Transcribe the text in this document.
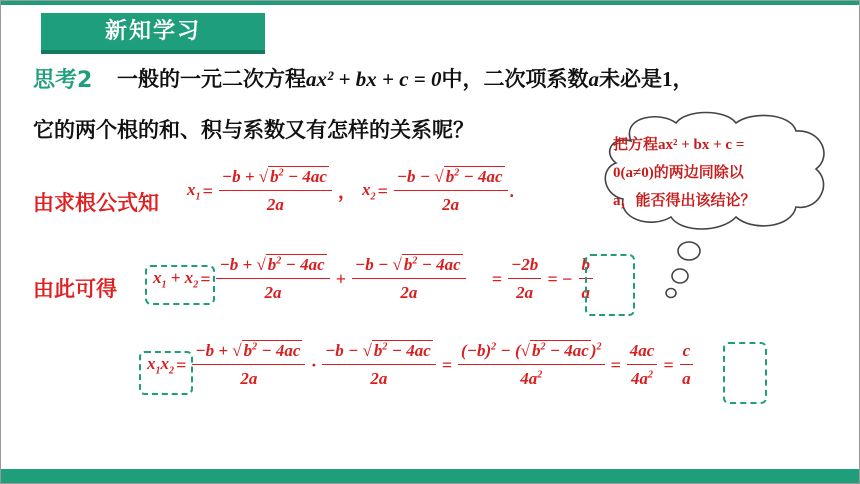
新知学习
思考2 一般的一元二次方程ax² + bx + c = 0中，二次项系数a未必是1，
它的两个根的和、积与系数又有怎样的关系呢？
把方程ax² + bx + c =
0(a≠0)的两边同除以
a，能否得出该结论？
由求根公式知
$x_1 = \frac{-b + √ b^2 - 4ac}{2a}$ ， $x_2 = \frac{-b - √ b^2 - 4ac}{2a}$ .
由此可得 $x_1 + x_2 = \frac{-b + √ b^2 - 4ac}{2a} + \frac{-b - √ b^2 - 4ac}{2a} = \frac{-2b}{2a}$ = − $\frac{b}{a}$
$x_1x_2 = \frac{-b + √ b^2 - 4ac}{2a} \cdot \frac{-b - √ b^2 - 4ac}{2a} = \frac{(-b)^2 - (√ b^2 - 4ac )^2}{4a^2} = \frac{4ac}{4a^2} = \frac{c}{a}$
